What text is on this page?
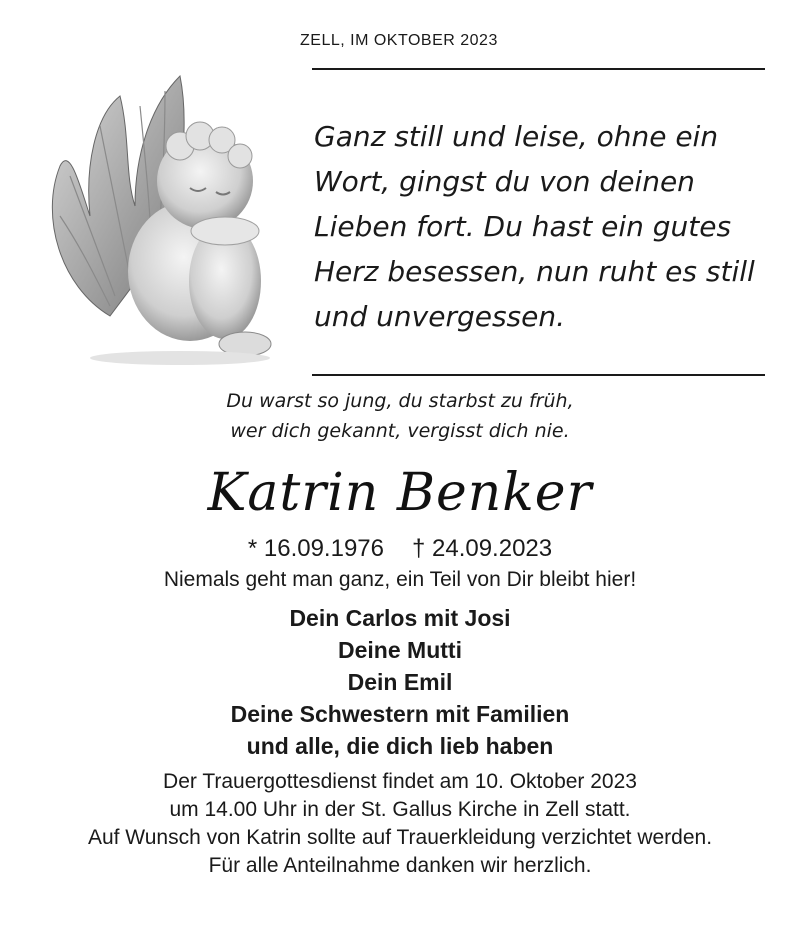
ZELL, IM OKTOBER 2023
Ganz still und leise, ohne ein
Wort, gingst du von deinen
Lieben fort. Du hast ein gutes
Herz besessen, nun ruht es still
und unvergessen.
Du warst so jung, du starbst zu früh,
wer dich gekannt, vergisst dich nie.
Katrin Benker
* 16.09.1976 † 24.09.2023
Niemals geht man ganz, ein Teil von Dir bleibt hier!
Dein Carlos mit Josi
Deine Mutti
Dein Emil
Deine Schwestern mit Familien
und alle, die dich lieb haben
Der Trauergottesdienst findet am 10. Oktober 2023
um 14.00 Uhr in der St. Gallus Kirche in Zell statt.
Auf Wunsch von Katrin sollte auf Trauerkleidung verzichtet werden.
Für alle Anteilnahme danken wir herzlich.
